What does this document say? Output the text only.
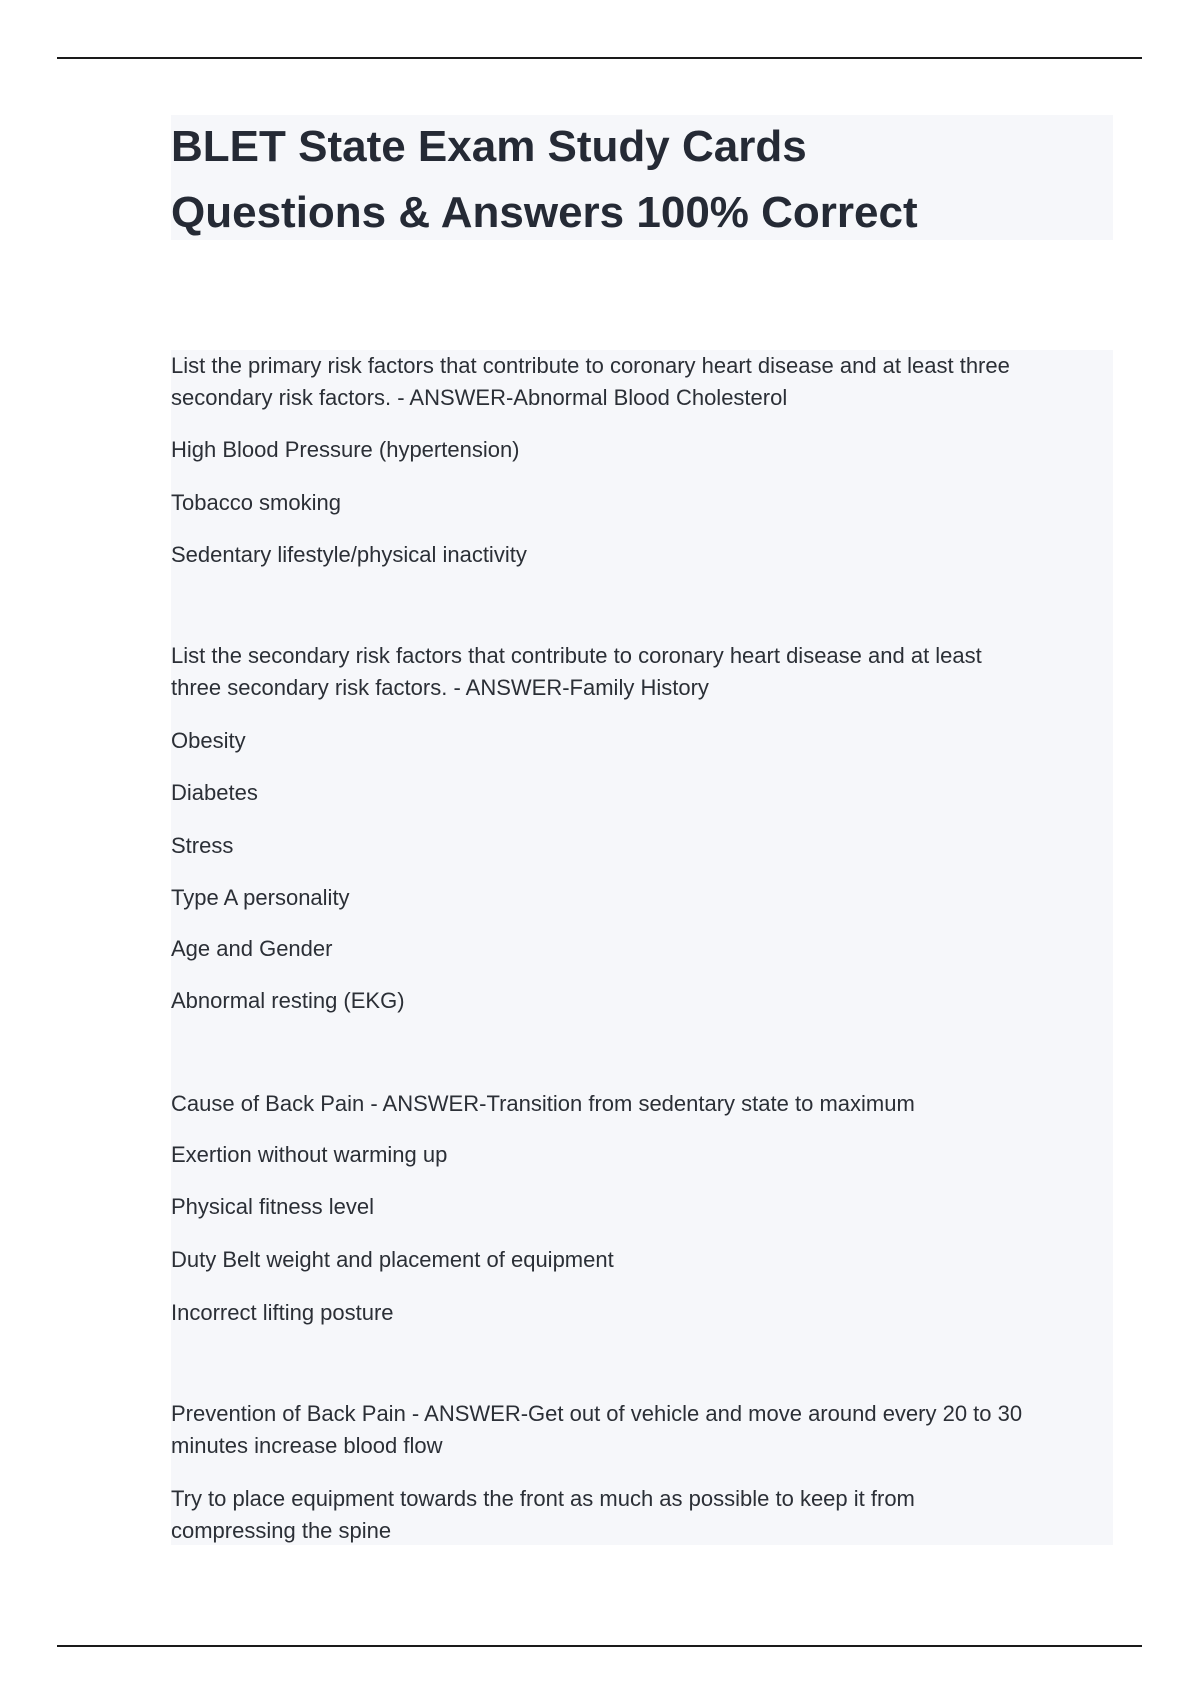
BLET State Exam Study Cards
Questions & Answers 100% Correct
List the primary risk factors that contribute to coronary heart disease and at least three
secondary risk factors. - ANSWER-Abnormal Blood Cholesterol
High Blood Pressure (hypertension)
Tobacco smoking
Sedentary lifestyle/physical inactivity
List the secondary risk factors that contribute to coronary heart disease and at least
three secondary risk factors. - ANSWER-Family History
Obesity
Diabetes
Stress
Type A personality
Age and Gender
Abnormal resting (EKG)
Cause of Back Pain - ANSWER-Transition from sedentary state to maximum
Exertion without warming up
Physical fitness level
Duty Belt weight and placement of equipment
Incorrect lifting posture
Prevention of Back Pain - ANSWER-Get out of vehicle and move around every 20 to 30
minutes increase blood flow
Try to place equipment towards the front as much as possible to keep it from
compressing the spine
